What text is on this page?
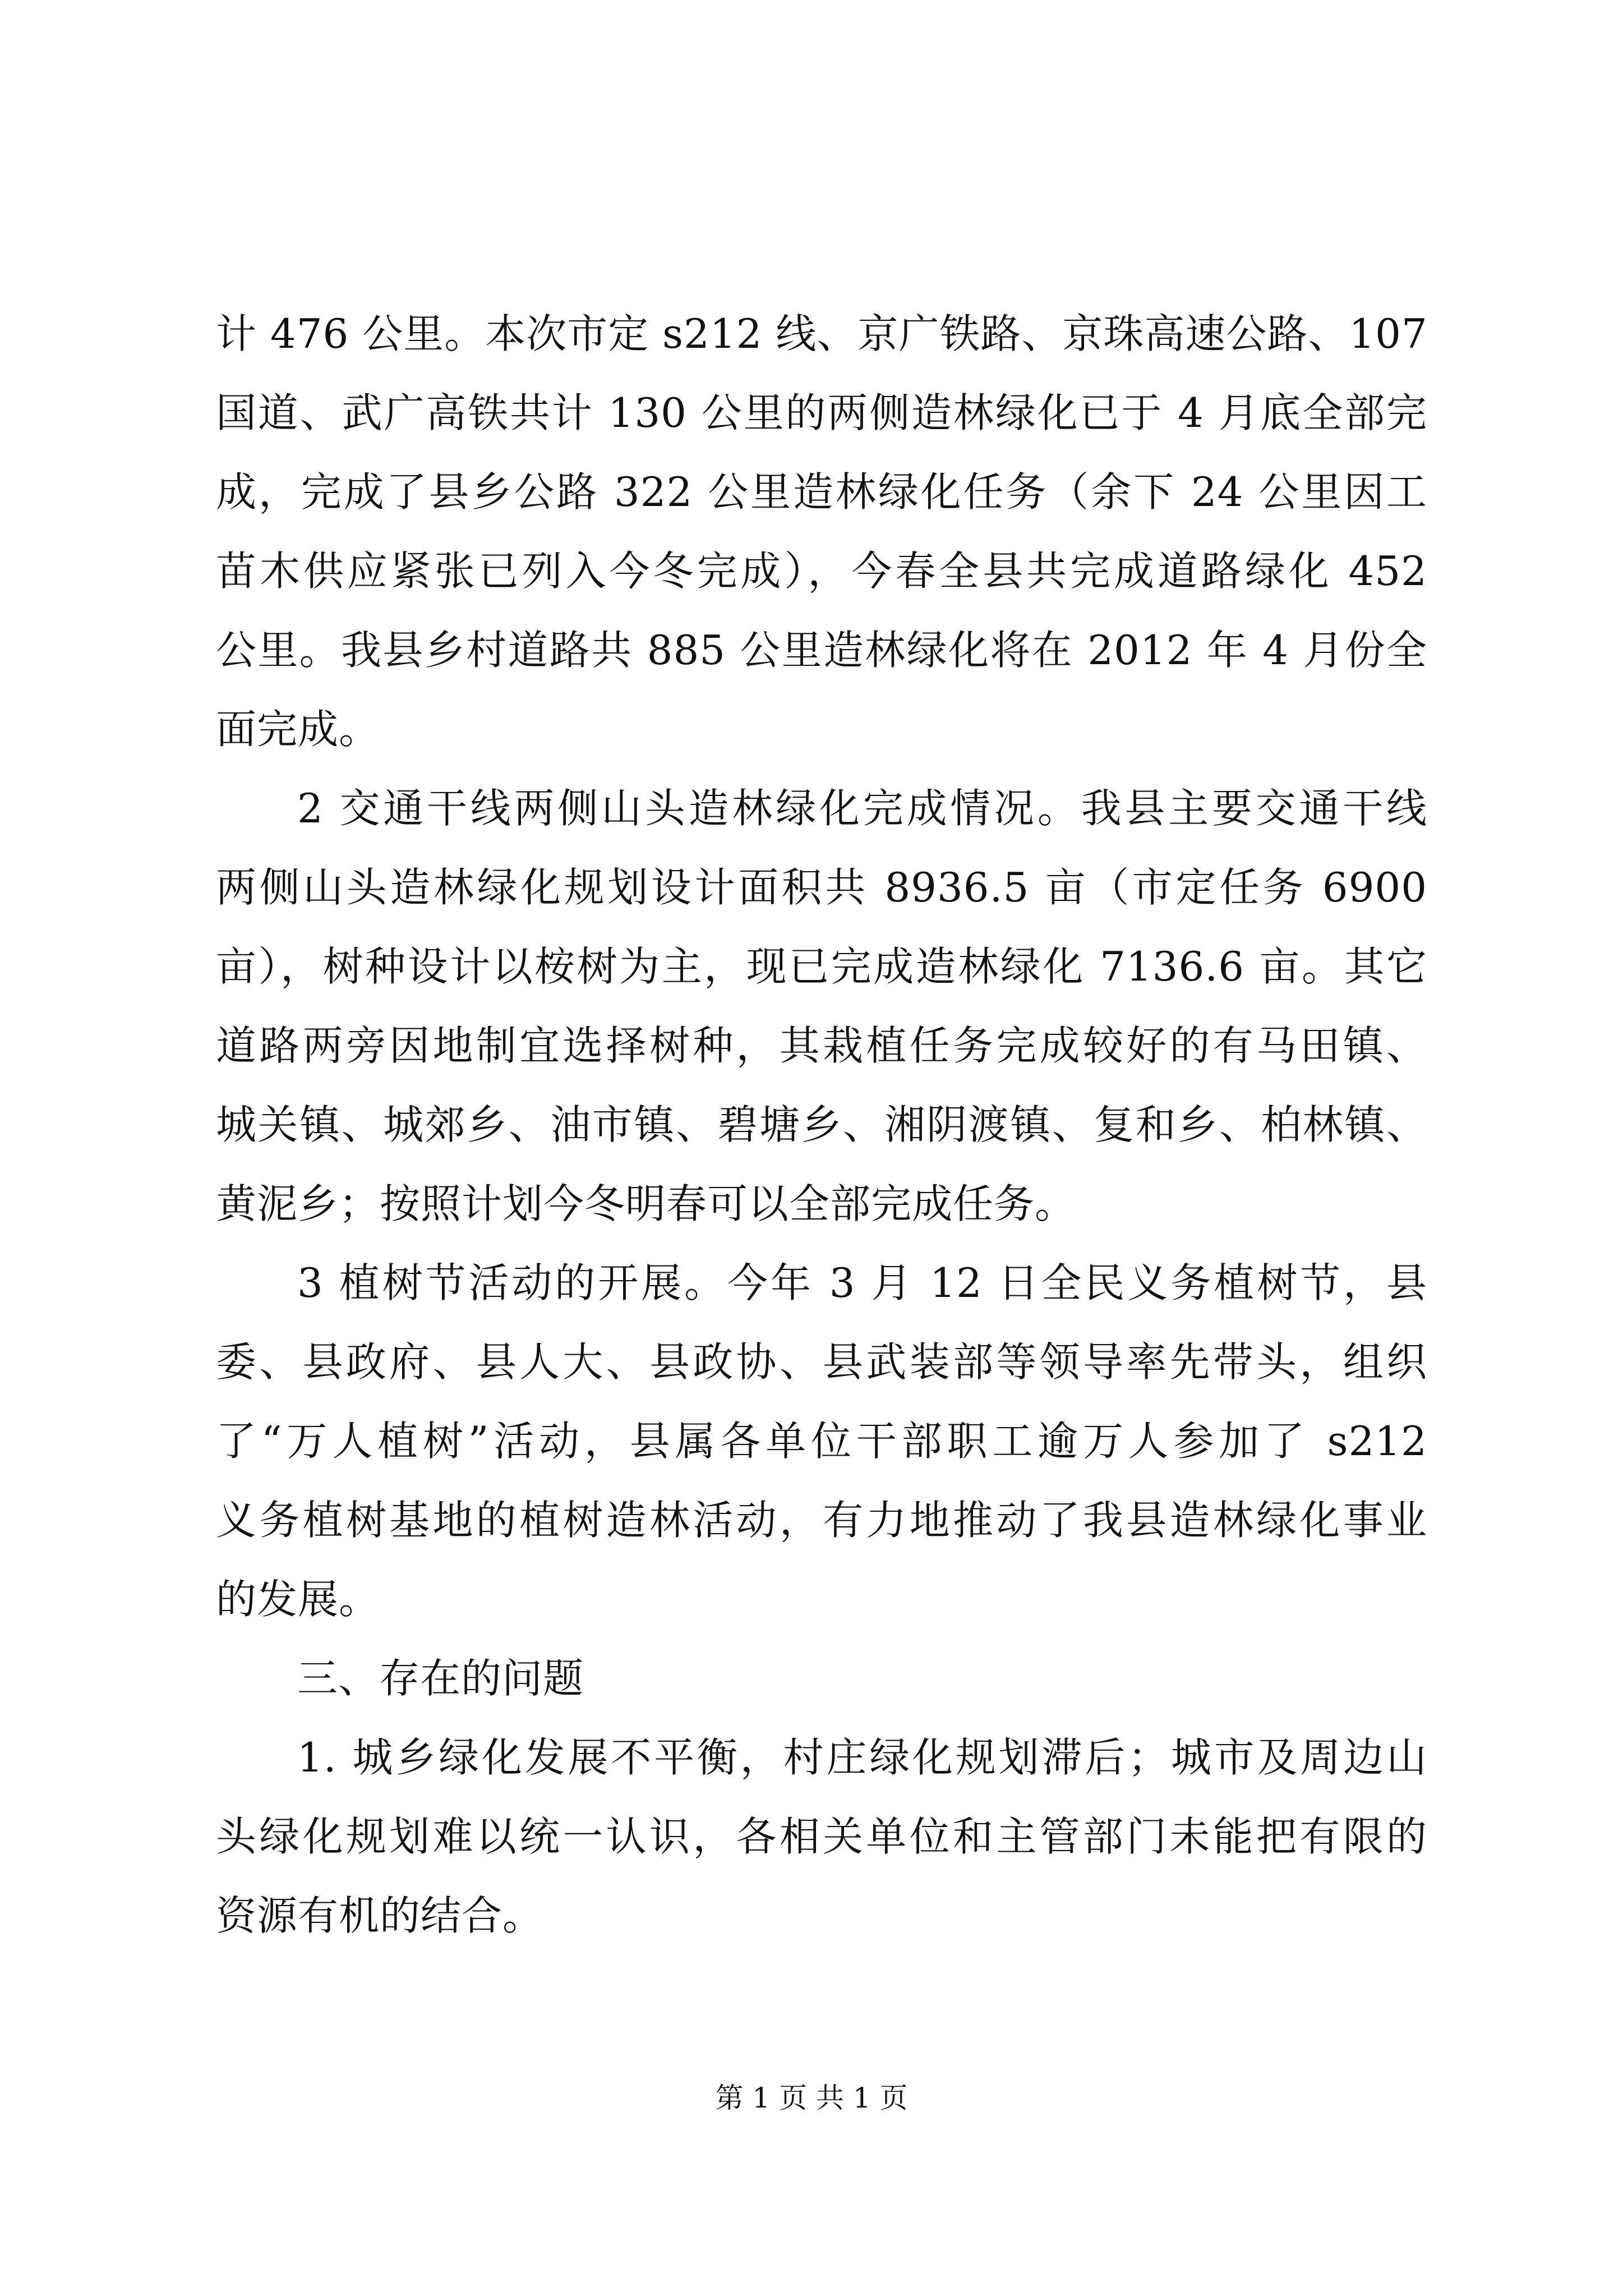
计 476 公里。本次市定 s212 线、京广铁路、京珠高速公路、107
国道、武广高铁共计 130 公里的两侧造林绿化已于 4 月底全部完
成，完成了县乡公路 322 公里造林绿化任务（余下 24 公里因工
苗木供应紧张已列入今冬完成），今春全县共完成道路绿化 452
公里。我县乡村道路共 885 公里造林绿化将在 2012 年 4 月份全
面完成。
2 交通干线两侧山头造林绿化完成情况。我县主要交通干线
两侧山头造林绿化规划设计面积共 8936.5 亩（市定任务 6900
亩），树种设计以桉树为主，现已完成造林绿化 7136.6 亩。其它
道路两旁因地制宜选择树种，其栽植任务完成较好的有马田镇、
城关镇、城郊乡、油市镇、碧塘乡、湘阴渡镇、复和乡、柏林镇、
黄泥乡；按照计划今冬明春可以全部完成任务。
3 植树节活动的开展。今年 3 月 12 日全民义务植树节，县
委、县政府、县人大、县政协、县武装部等领导率先带头，组织
了“万人植树”活动，县属各单位干部职工逾万人参加了 s212
义务植树基地的植树造林活动，有力地推动了我县造林绿化事业
的发展。
三、存在的问题
1. 城乡绿化发展不平衡，村庄绿化规划滞后；城市及周边山
头绿化规划难以统一认识，各相关单位和主管部门未能把有限的
资源有机的结合。
第 1 页 共 1 页
